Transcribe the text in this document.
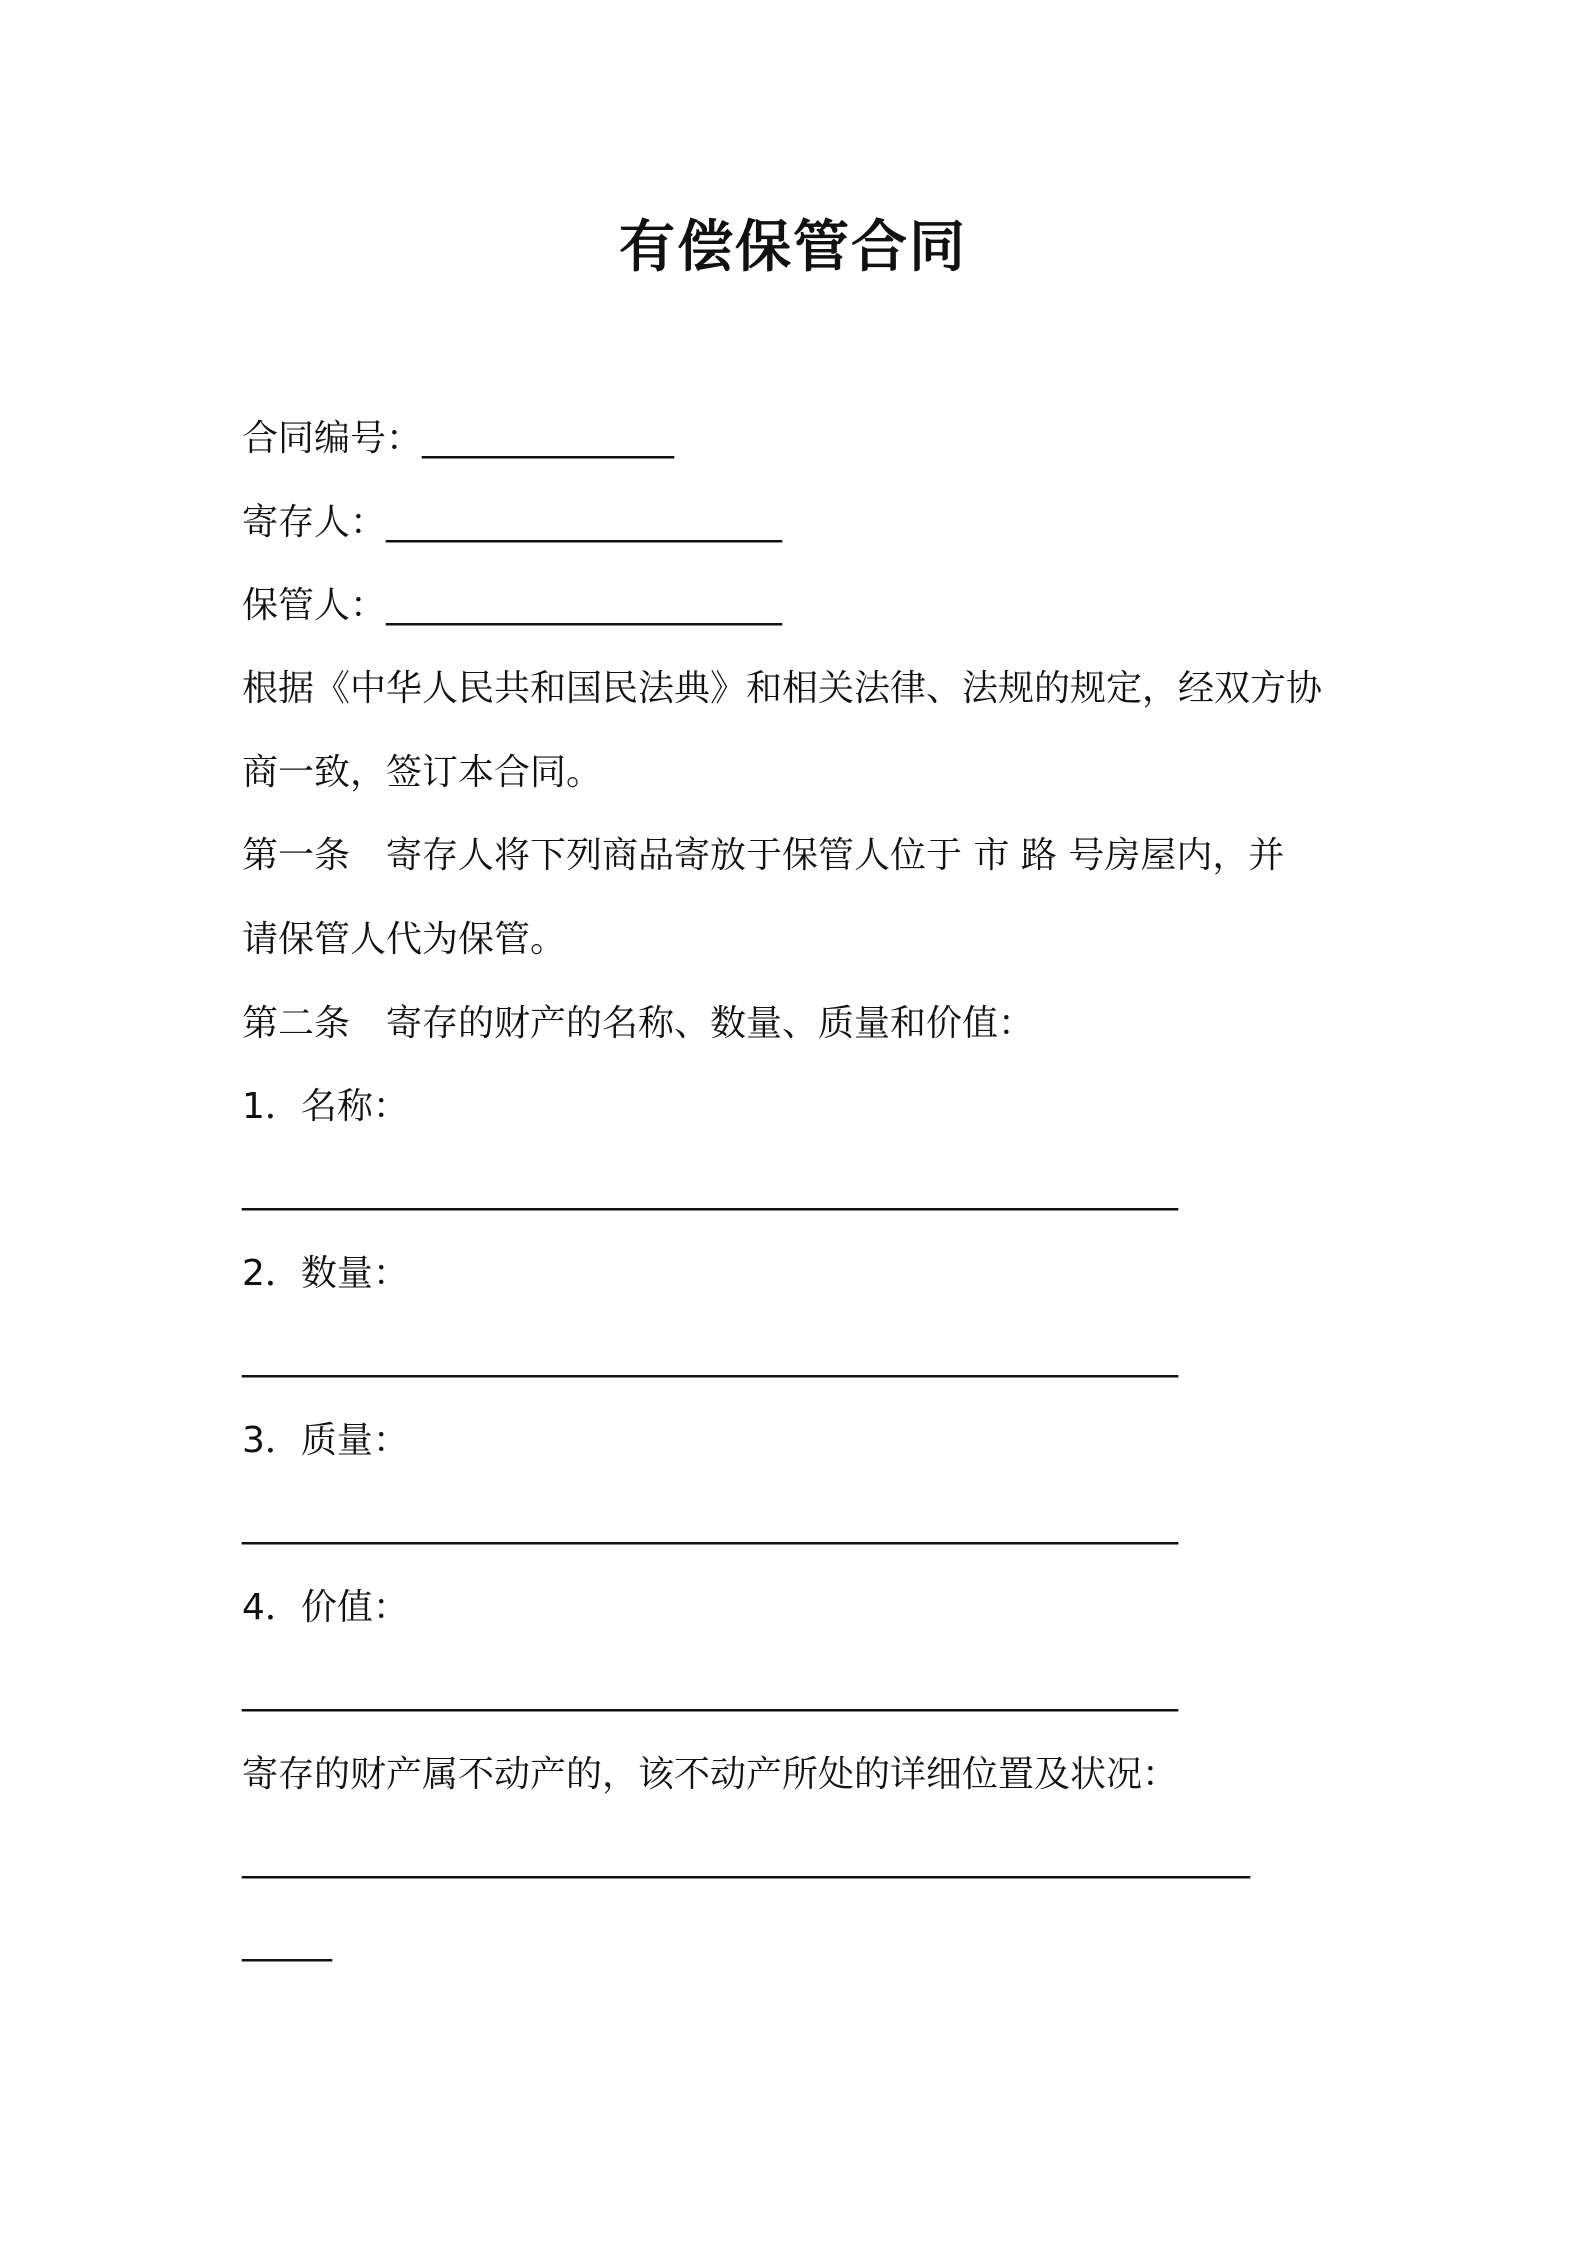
有偿保管合同
合同编号：______________
寄存人：______________________
保管人：______________________
根据《中华人民共和国民法典》和相关法律、法规的规定，经双方协
商一致，签订本合同。
第一条　寄存人将下列商品寄放于保管人位于 市 路 号房屋内，并
请保管人代为保管。
第二条　寄存的财产的名称、数量、质量和价值：
1．名称：
____________________________________________________
2．数量：
____________________________________________________
3．质量：
____________________________________________________
4．价值：
____________________________________________________
寄存的财产属不动产的，该不动产所处的详细位置及状况：
________________________________________________________
_____
